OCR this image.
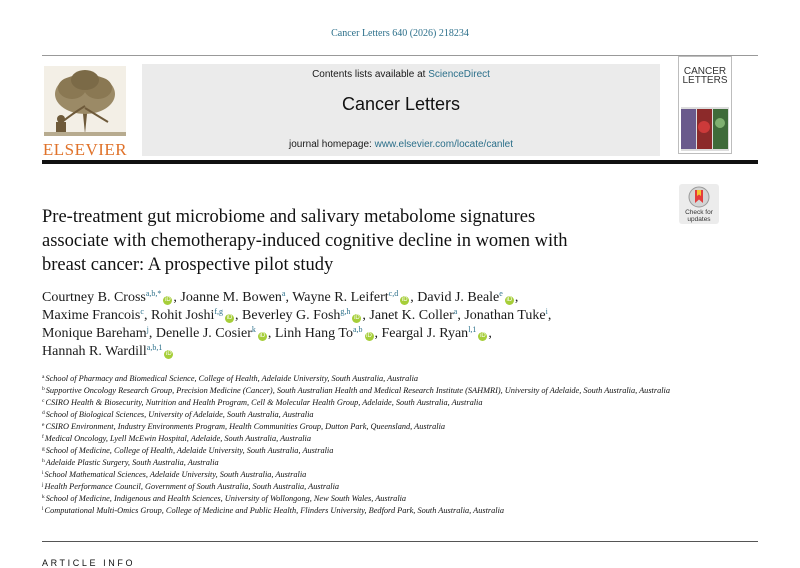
Cancer Letters 640 (2026) 218234
ELSEVIER
Contents lists available at ScienceDirect
Cancer Letters
journal homepage: www.elsevier.com/locate/canlet
CANCER
LETTERS
Check for
updates
Pre-treatment gut microbiome and salivary metabolome signatures
associate with chemotherapy-induced cognitive decline in women with
breast cancer: A prospective pilot study
Courtney B. Cross$^{a,b,*}$iD , Joanne M. Bowen$^a$, Wayne R. Leifert$^{c,d}$iD , David J. Beale$^e$iD ,
Maxime Francois$^c$, Rohit Joshi$^{f,g}$iD , Beverley G. Fosh$^{g,h}$iD , Janet K. Coller$^a$, Jonathan Tuke$^i$,
Monique Bareham$^j$, Denelle J. Cosier$^k$iD , Linh Hang To$^{a,b}$iD , Feargal J. Ryan$^{l,1}$iD ,
Hannah R. Wardill$^{a,b,1}$iD
$^a$School of Pharmacy and Biomedical Science, College of Health, Adelaide University, South Australia, Australia
$^b$Supportive Oncology Research Group, Precision Medicine (Cancer), South Australian Health and Medical Research Institute (SAHMRI), University of Adelaide, South Australia, Australia
$^c$CSIRO Health & Biosecurity, Nutrition and Health Program, Cell & Molecular Health Group, Adelaide, South Australia, Australia
$^d$School of Biological Sciences, University of Adelaide, South Australia, Australia
$^e$CSIRO Environment, Industry Environments Program, Health Communities Group, Dutton Park, Queensland, Australia
$^f$Medical Oncology, Lyell McEwin Hospital, Adelaide, South Australia, Australia
$^g$School of Medicine, College of Health, Adelaide University, South Australia, Australia
$^h$Adelaide Plastic Surgery, South Australia, Australia
$^i$School Mathematical Sciences, Adelaide University, South Australia, Australia
$^j$Health Performance Council, Government of South Australia, South Australia, Australia
$^k$School of Medicine, Indigenous and Health Sciences, University of Wollongong, New South Wales, Australia
$^l$Computational Multi-Omics Group, College of Medicine and Public Health, Flinders University, Bedford Park, South Australia, Australia
ARTICLE INFO
